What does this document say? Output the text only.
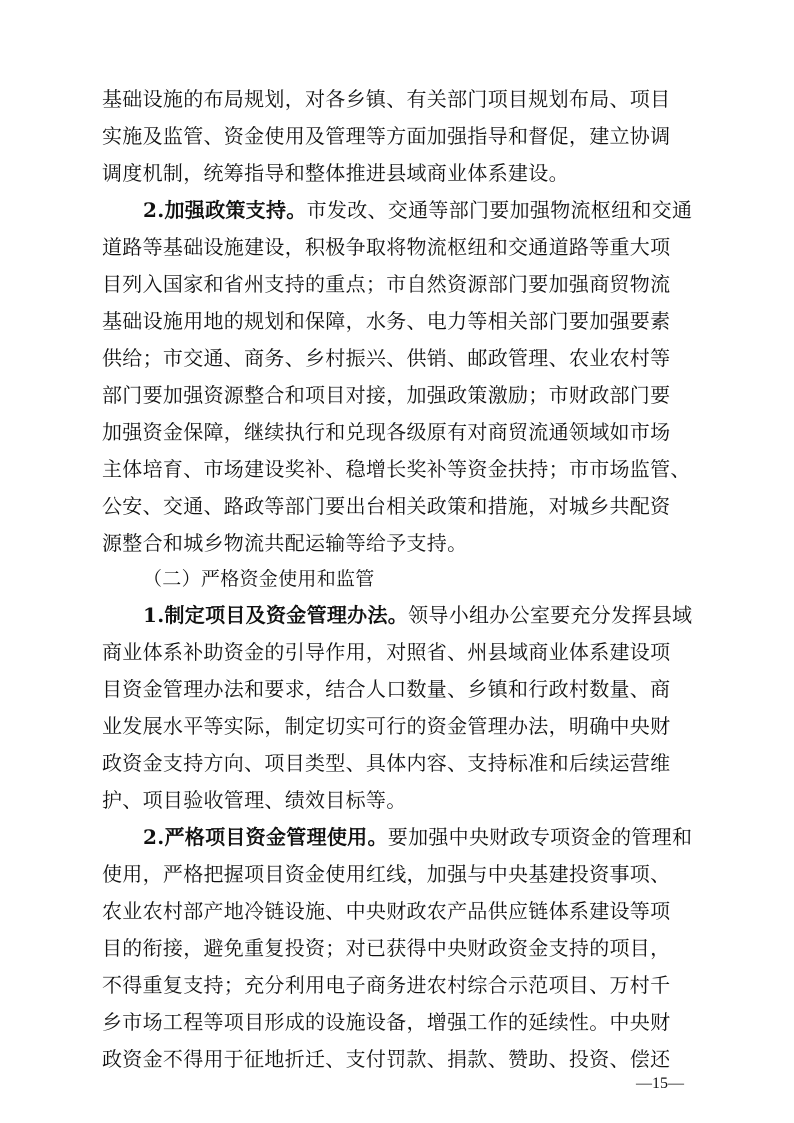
基础设施的布局规划，对各乡镇、有关部门项目规划布局、项目
实施及监管、资金使用及管理等方面加强指导和督促，建立协调
调度机制，统筹指导和整体推进县域商业体系建设。
2.加强政策支持。市发改、交通等部门要加强物流枢纽和交通
道路等基础设施建设，积极争取将物流枢纽和交通道路等重大项
目列入国家和省州支持的重点；市自然资源部门要加强商贸物流
基础设施用地的规划和保障，水务、电力等相关部门要加强要素
供给；市交通、商务、乡村振兴、供销、邮政管理、农业农村等
部门要加强资源整合和项目对接，加强政策激励；市财政部门要
加强资金保障，继续执行和兑现各级原有对商贸流通领域如市场
主体培育、市场建设奖补、稳增长奖补等资金扶持；市市场监管、
公安、交通、路政等部门要出台相关政策和措施，对城乡共配资
源整合和城乡物流共配运输等给予支持。
（二）严格资金使用和监管
1.制定项目及资金管理办法。领导小组办公室要充分发挥县域
商业体系补助资金的引导作用，对照省、州县域商业体系建设项
目资金管理办法和要求，结合人口数量、乡镇和行政村数量、商
业发展水平等实际，制定切实可行的资金管理办法，明确中央财
政资金支持方向、项目类型、具体内容、支持标准和后续运营维
护、项目验收管理、绩效目标等。
2.严格项目资金管理使用。要加强中央财政专项资金的管理和
使用，严格把握项目资金使用红线，加强与中央基建投资事项、
农业农村部产地冷链设施、中央财政农产品供应链体系建设等项
目的衔接，避免重复投资；对已获得中央财政资金支持的项目，
不得重复支持；充分利用电子商务进农村综合示范项目、万村千
乡市场工程等项目形成的设施设备，增强工作的延续性。中央财
政资金不得用于征地折迁、支付罚款、捐款、赞助、投资、偿还
—15—
